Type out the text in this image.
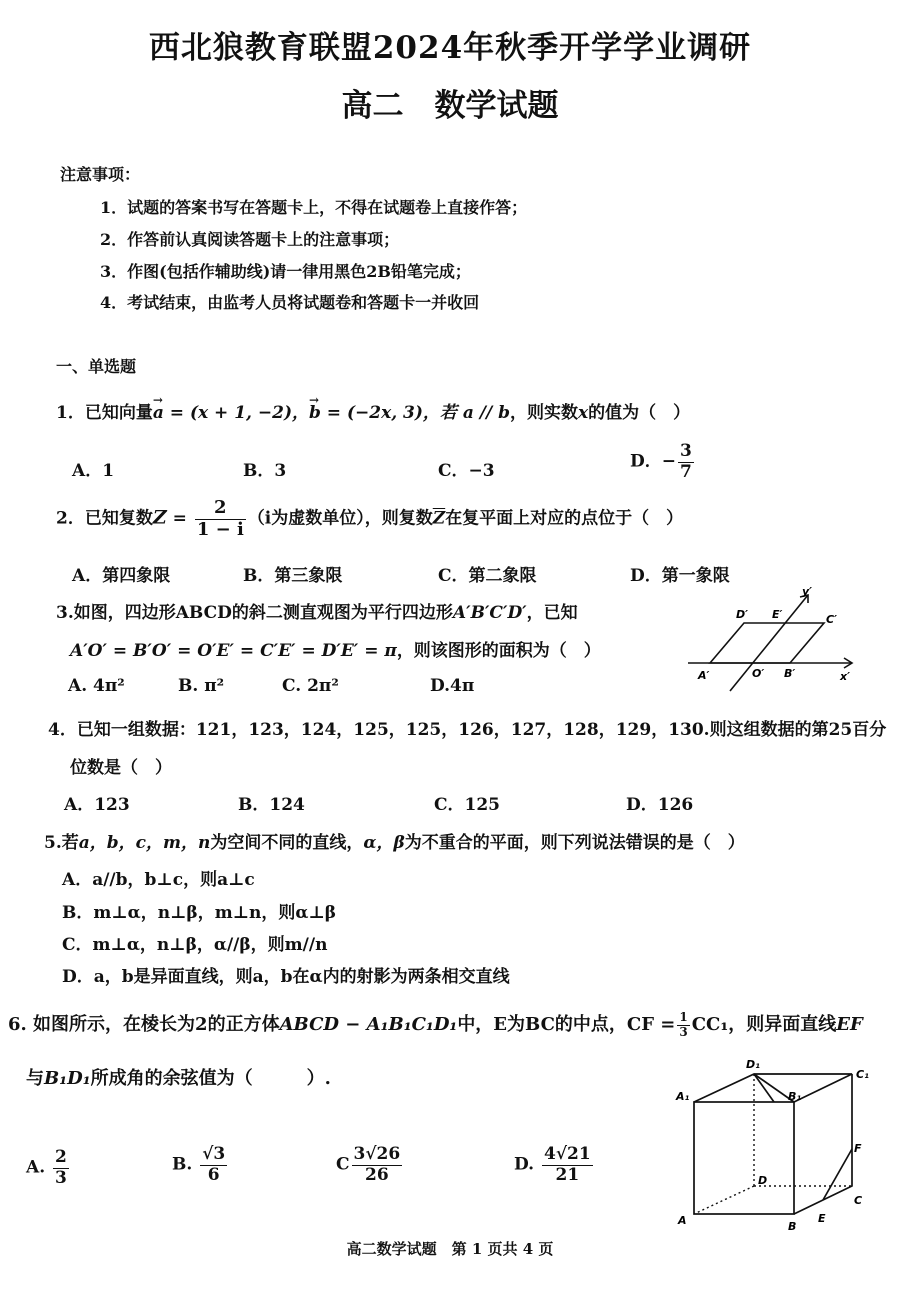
西北狼教育联盟2024年秋季开学学业调研
高二　数学试题
注意事项：
1．试题的答案书写在答题卡上，不得在试题卷上直接作答；
2．作答前认真阅读答题卡上的注意事项；
3．作图(包括作辅助线)请一律用黑色2B铅笔完成；
4．考试结束，由监考人员将试题卷和答题卡一并收回
一、单选题
1．已知向量a
→
= (x + 1, −2)，b
→
= (−2x, 3)，若 a // b，则实数x的值为（　）
A．1	B．3	C．−3	D．− $\frac{3}{7}$
2．已知复数$Z = \frac{2}{1 - i} (i$为虚数单位），则复数$\overline{Z}$在复平面上对应的点位于（　）
A．第四象限	B．第三象限	C．第二象限	D．第一象限
3.如图，四边形ABCD的斜二测直观图为平行四边形A′B′C′D′，已知
A′O′ = B′O′ = O′E′ = C′E′ = D′E′ = π，则该图形的面积为（　）
A. 4π²	B. π²	C. 2π²	D.4π
D′ E′	C′
A′	O′ B′	x′
y′
4．已知一组数据：121，123，124，125，125，126，127，128，129，130.则这组数据的第25百分
位数是（　）
A．123	B．124	C．125	D．126
5.若a，b，c，m，n为空间不同的直线，α，β为不重合的平面，则下列说法错误的是（　）
A．a//b，b⊥c，则a⊥c
B．m⊥α，n⊥β，m⊥n，则α⊥β
C．m⊥α，n⊥β，α//β，则m//n
D．a，b是异面直线，则a，b在α内的射影为两条相交直线
6. 如图所示，在棱长为2的正方体ABCD − A₁B₁C₁D₁中，E为BC的中点，CF = $\frac{1}{3} CC_1$，则异面直线EF
与B₁D₁所成角的余弦值为（　　　）.
A. $\frac{2}{3}$	B. $\frac{√3}{6}$	C $\frac{3√26}{26}$	D. $\frac{4√21}{21}$
D₁
C₁
A₁	B₁
F
D
C
A	B
E
高二数学试题　第 1 页共 4 页
